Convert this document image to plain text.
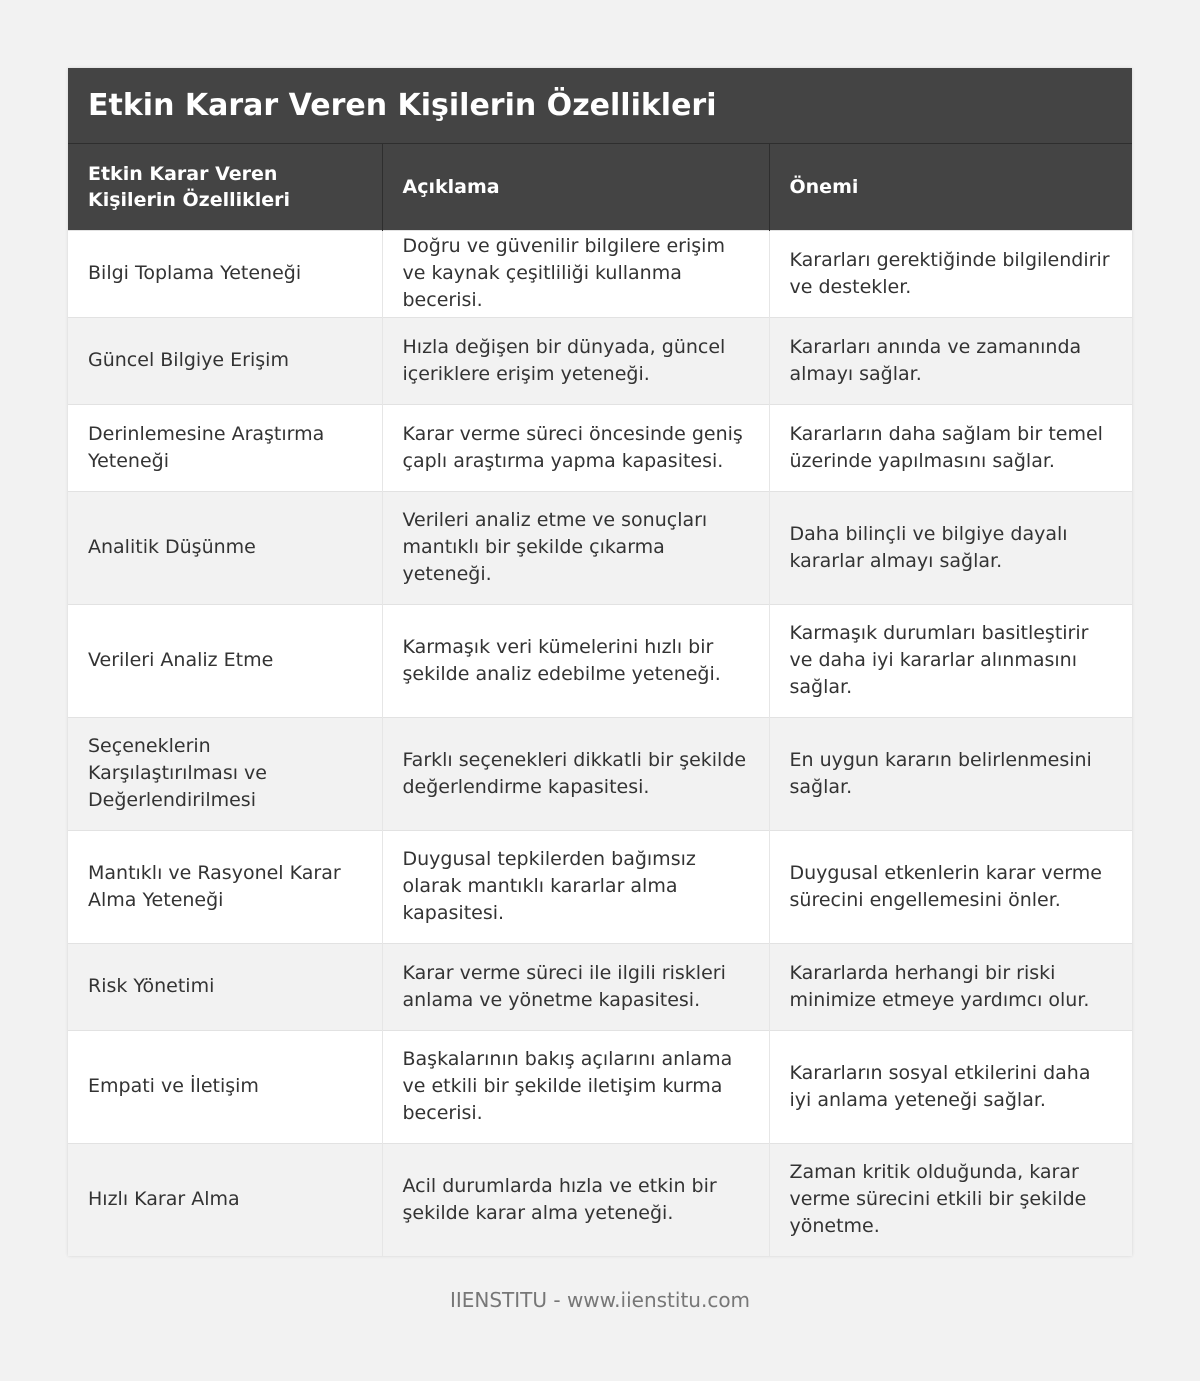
Etkin Karar Veren Kişilerin Özellikleri
Etkin Karar Veren Kişilerin Özellikleri	Açıklama	Önemi
Bilgi Toplama Yeteneği	Doğru ve güvenilir bilgilere erişim ve kaynak çeşitliliği kullanma becerisi.	Kararları gerektiğinde bilgilendirir ve destekler.
Güncel Bilgiye Erişim	Hızla değişen bir dünyada, güncel içeriklere erişim yeteneği.	Kararları anında ve zamanında almayı sağlar.
Derinlemesine Araştırma Yeteneği	Karar verme süreci öncesinde geniş çaplı araştırma yapma kapasitesi.	Kararların daha sağlam bir temel üzerinde yapılmasını sağlar.
Analitik Düşünme	Verileri analiz etme ve sonuçları mantıklı bir şekilde çıkarma yeteneği.	Daha bilinçli ve bilgiye dayalı kararlar almayı sağlar.
Verileri Analiz Etme	Karmaşık veri kümelerini hızlı bir şekilde analiz edebilme yeteneği.	Karmaşık durumları basitleştirir ve daha iyi kararlar alınmasını sağlar.
Seçeneklerin Karşılaştırılması ve Değerlendirilmesi	Farklı seçenekleri dikkatli bir şekilde değerlendirme kapasitesi.	En uygun kararın belirlenmesini sağlar.
Mantıklı ve Rasyonel Karar Alma Yeteneği	Duygusal tepkilerden bağımsız olarak mantıklı kararlar alma kapasitesi.	Duygusal etkenlerin karar verme sürecini engellemesini önler.
Risk Yönetimi	Karar verme süreci ile ilgili riskleri anlama ve yönetme kapasitesi.	Kararlarda herhangi bir riski minimize etmeye yardımcı olur.
Empati ve İletişim	Başkalarının bakış açılarını anlama ve etkili bir şekilde iletişim kurma becerisi.	Kararların sosyal etkilerini daha iyi anlama yeteneği sağlar.
Hızlı Karar Alma	Acil durumlarda hızla ve etkin bir şekilde karar alma yeteneği.	Zaman kritik olduğunda, karar verme sürecini etkili bir şekilde yönetme.
IIENSTITU - www.iienstitu.com
